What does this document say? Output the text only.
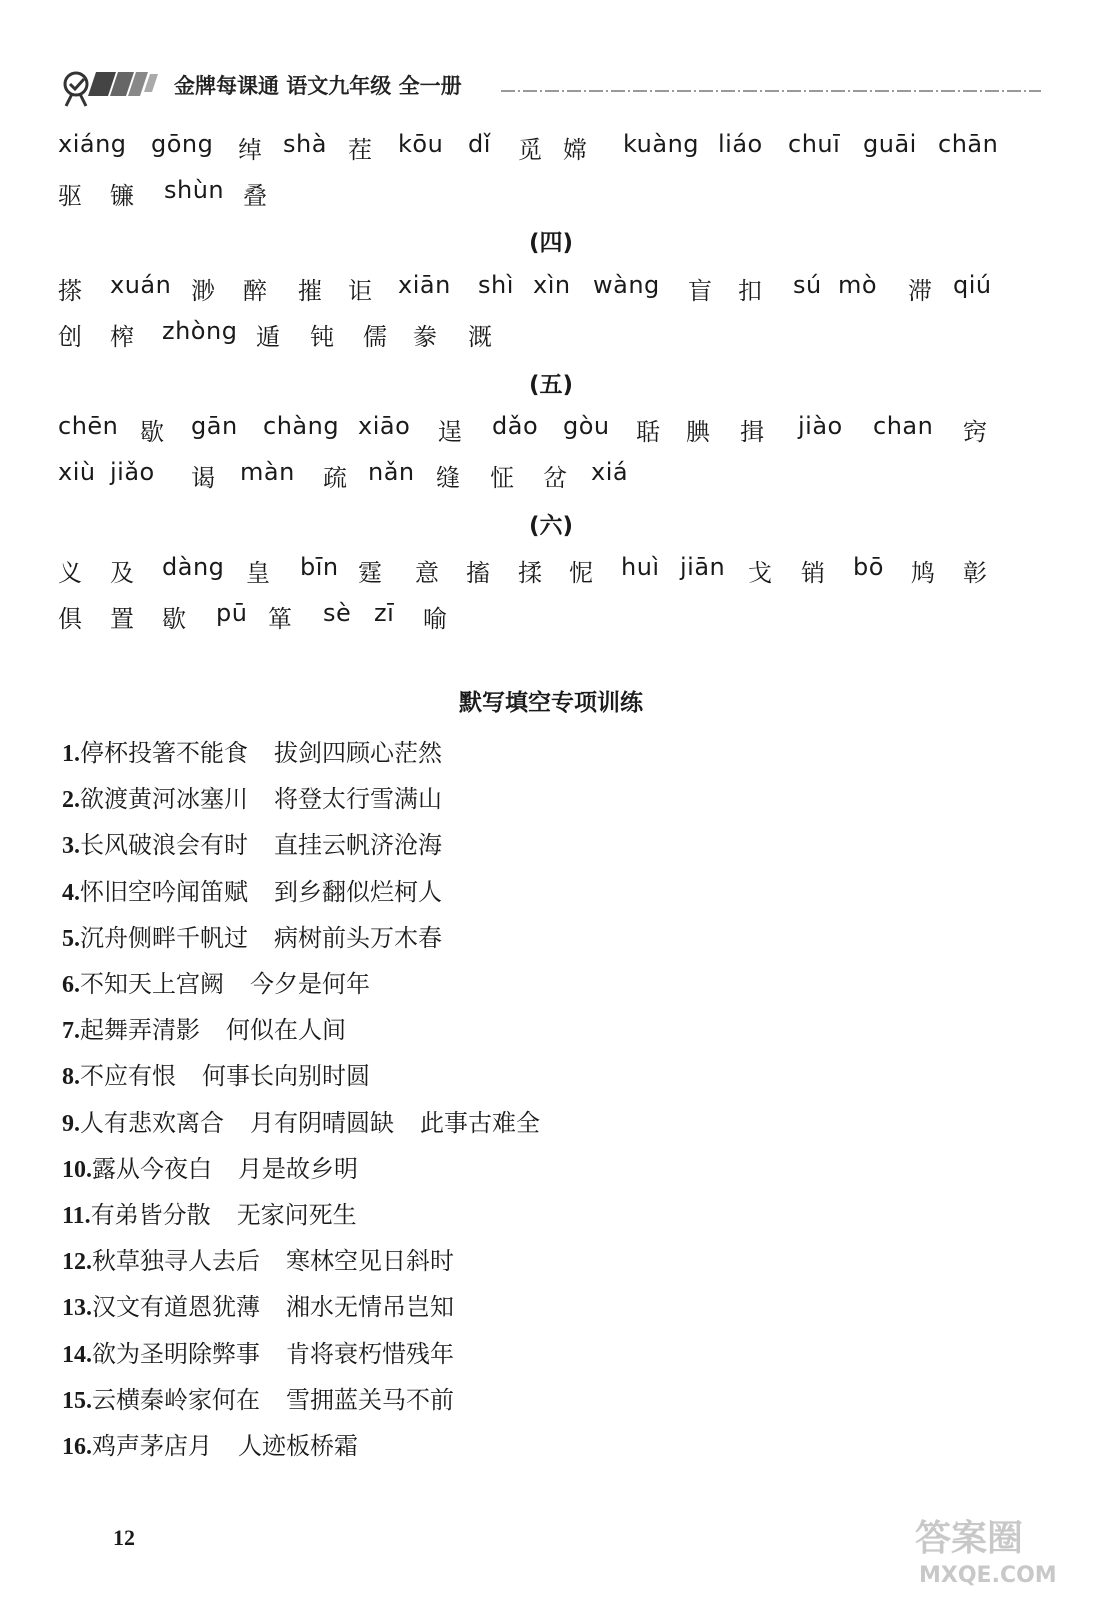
金牌每课通 语文九年级 全一册
xiáng gōng 绰 shà 茬 kōu dǐ 觅 嫦 kuàng liáo chuī guāi chān
驱 镰 shùn 叠
搽 xuán 渺 醉 摧 讵 xiān shì xìn wàng 盲 扣 sú mò 滞 qiú
创 榨 zhòng 遁 钝 儒 豢 溉
chēn 歇 gān chàng xiāo 逞 dǎo gòu 聒 腆 揖 jiào chan 窍
xiù jiǎo 谒 màn 疏 nǎn 缝 怔 岔 xiá
义 及 dàng 皇 bīn 霆 意 搐 揉 怩 huì jiān 戈 销 bō 鸠 彰
俱 置 歇 pū 箪 sè zī 喻
(四)
(五)
(六)
默写填空专项训练
1.停杯投箸不能食 拔剑四顾心茫然
2.欲渡黄河冰塞川 将登太行雪满山
3.长风破浪会有时 直挂云帆济沧海
4.怀旧空吟闻笛赋 到乡翻似烂柯人
5.沉舟侧畔千帆过 病树前头万木春
6.不知天上宫阙 今夕是何年
7.起舞弄清影 何似在人间
8.不应有恨 何事长向别时圆
9.人有悲欢离合 月有阴晴圆缺 此事古难全
10.露从今夜白 月是故乡明
11.有弟皆分散 无家问死生
12.秋草独寻人去后 寒林空见日斜时
13.汉文有道恩犹薄 湘水无情吊岂知
14.欲为圣明除弊事 肯将衰朽惜残年
15.云横秦岭家何在 雪拥蓝关马不前
16.鸡声茅店月 人迹板桥霜
12	答案圈
MXQE.COM
